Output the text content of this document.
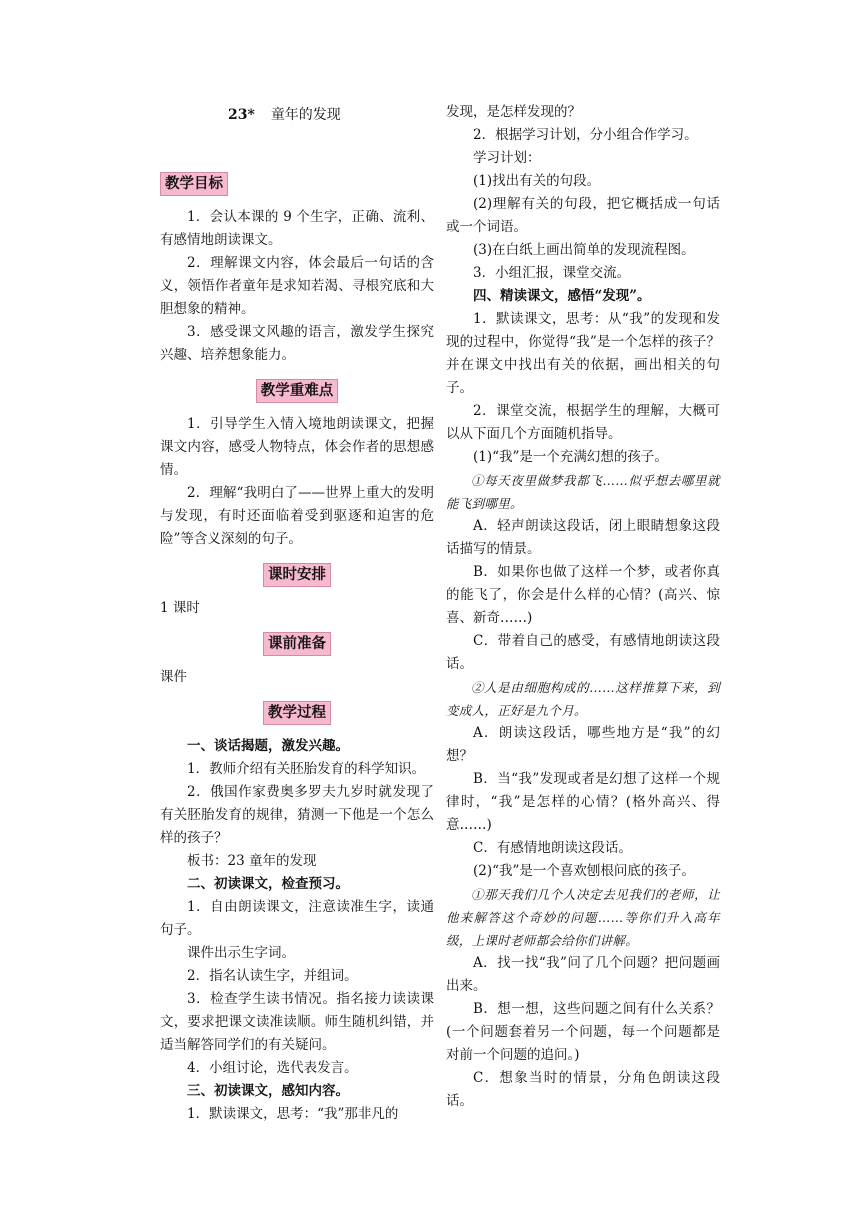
23* 童年的发现
教学目标

1．会认本课的 9 个生字，正确、流利、有感情地朗读课文。

2．理解课文内容，体会最后一句话的含义，领悟作者童年是求知若渴、寻根究底和大胆想象的精神。

3．感受课文风趣的语言，激发学生探究兴趣、培养想象能力。

教学重难点

1．引导学生入情入境地朗读课文，把握课文内容，感受人物特点，体会作者的思想感情。

2．理解“我明白了——世界上重大的发明与发现，有时还面临着受到驱逐和迫害的危险”等含义深刻的句子。

课时安排

1 课时

课前准备

课件

教学过程

一、谈话揭题，激发兴趣。

1．教师介绍有关胚胎发育的科学知识。

2．俄国作家费奥多罗夫九岁时就发现了有关胚胎发育的规律，猜测一下他是一个怎么样的孩子？

板书：23 童年的发现

二、初读课文，检查预习。

1．自由朗读课文，注意读准生字，读通句子。

课件出示生字词。

2．指名认读生字，并组词。

3．检查学生读书情况。指名接力读读课文，要求把课文读准读顺。师生随机纠错，并适当解答同学们的有关疑问。

4．小组讨论，选代表发言。

三、初读课文，感知内容。

1．默读课文，思考：“我”那非凡的

发现，是怎样发现的？

2．根据学习计划，分小组合作学习。

学习计划：

(1)找出有关的句段。

(2)理解有关的句段，把它概括成一句话或一个词语。

(3)在白纸上画出简单的发现流程图。

3．小组汇报，课堂交流。

四、精读课文，感悟“发现”。

1．默读课文，思考：从“我”的发现和发现的过程中，你觉得“我”是一个怎样的孩子？并在课文中找出有关的依据，画出相关的句子。

2．课堂交流，根据学生的理解，大概可以从下面几个方面随机指导。

(1)“我”是一个充满幻想的孩子。

①每天夜里做梦我都飞……似乎想去哪里就能飞到哪里。

A．轻声朗读这段话，闭上眼睛想象这段话描写的情景。

B．如果你也做了这样一个梦，或者你真的能飞了，你会是什么样的心情？(高兴、惊喜、新奇……)

C．带着自己的感受，有感情地朗读这段话。

②人是由细胞构成的……这样推算下来，到变成人，正好是九个月。

A．朗读这段话，哪些地方是“我”的幻想？

B．当“我”发现或者是幻想了这样一个规律时，“我”是怎样的心情？(格外高兴、得意……)

C．有感情地朗读这段话。

(2)“我”是一个喜欢刨根问底的孩子。

①那天我们几个人决定去见我们的老师，让他来解答这个奇妙的问题……等你们升入高年级，上课时老师都会给你们讲解。

A．找一找“我”问了几个问题？把问题画出来。

B．想一想，这些问题之间有什么关系？(一个问题套着另一个问题，每一个问题都是对前一个问题的追问。)

C．想象当时的情景，分角色朗读这段话。
